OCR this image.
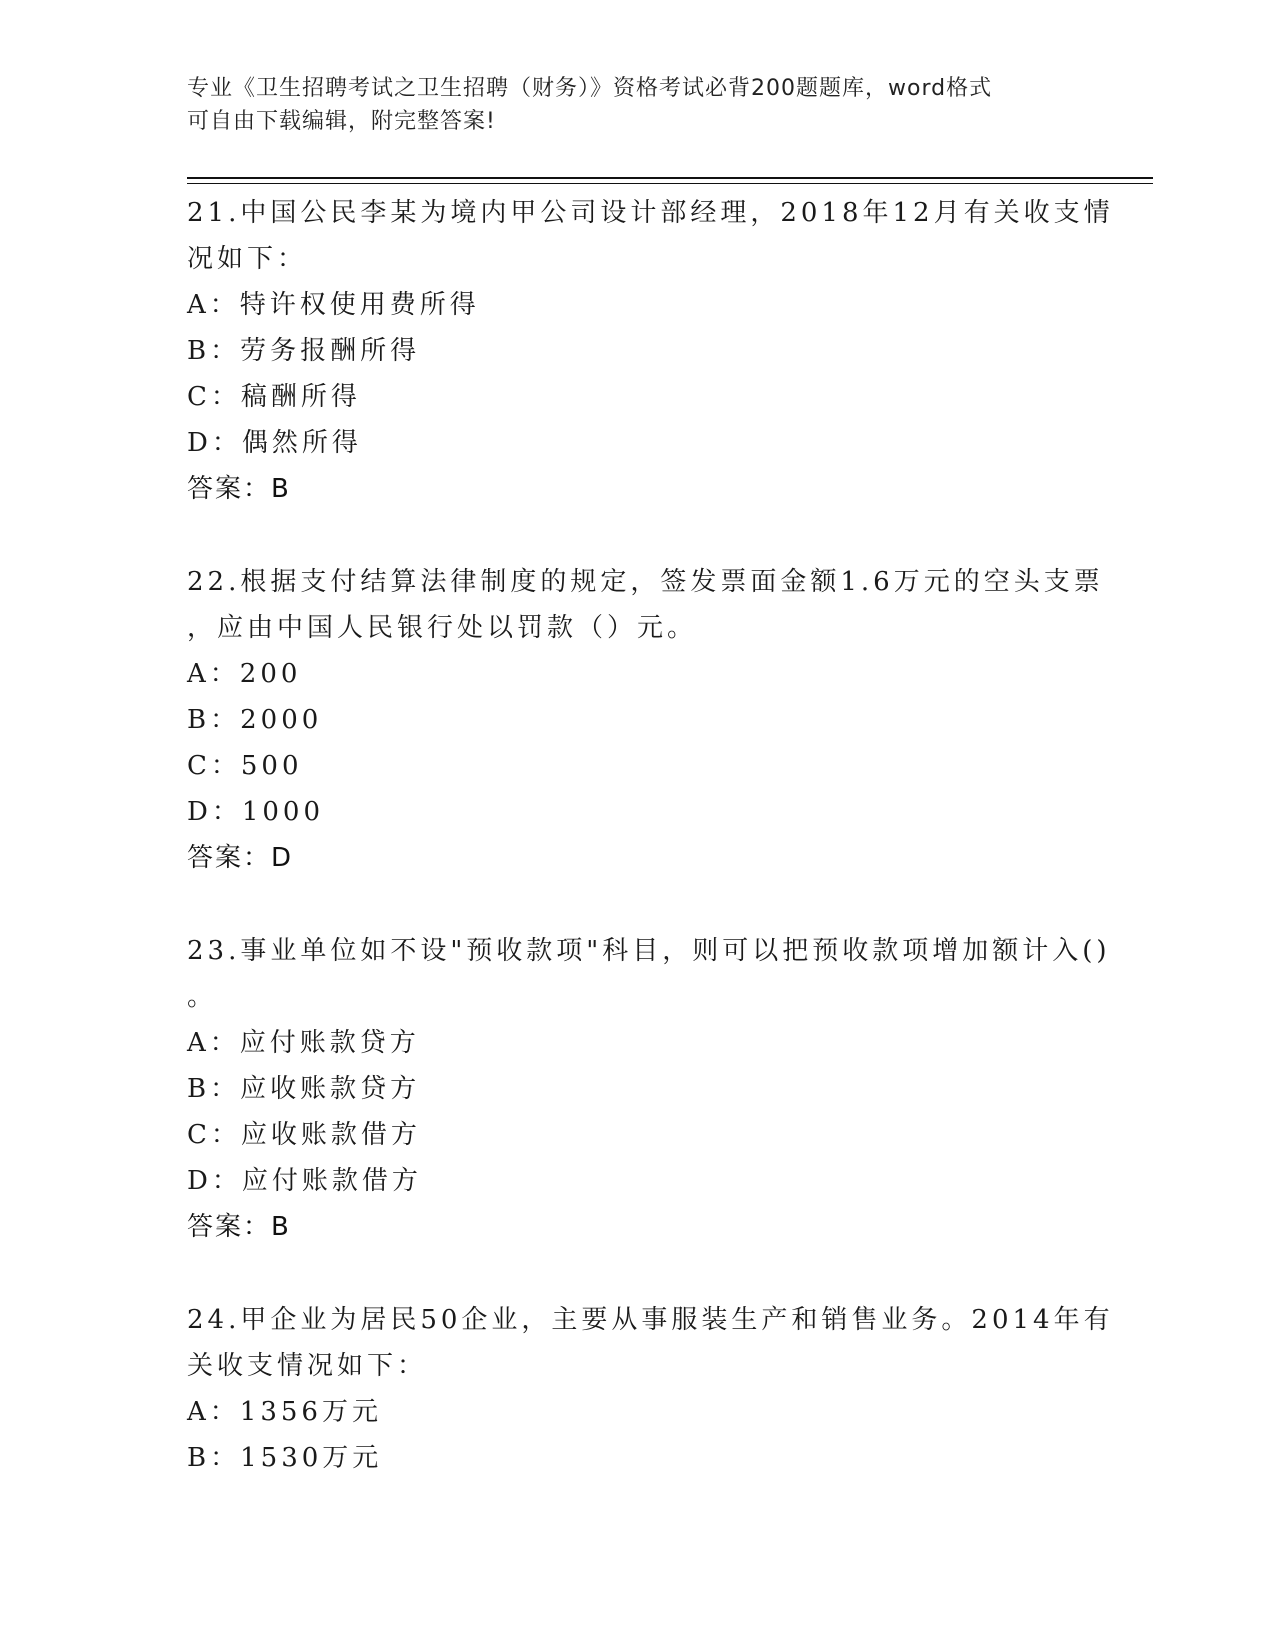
专业《卫生招聘考试之卫生招聘（财务）》资格考试必背200题题库，word格式
可自由下载编辑，附完整答案!
21.中国公民李某为境内甲公司设计部经理，2018年12月有关收支情
况如下：
A：特许权使用费所得
B：劳务报酬所得
C：稿酬所得
D：偶然所得
答案：B
22.根据支付结算法律制度的规定，签发票面金额1.6万元的空头支票
，应由中国人民银行处以罚款（）元。
A：200
B：2000
C：500
D：1000
答案：D
23.事业单位如不设"预收款项"科目，则可以把预收款项增加额计入()
。
A：应付账款贷方
B：应收账款贷方
C：应收账款借方
D：应付账款借方
答案：B
24.甲企业为居民50企业，主要从事服装生产和销售业务。2014年有
关收支情况如下：
A：1356万元
B：1530万元
